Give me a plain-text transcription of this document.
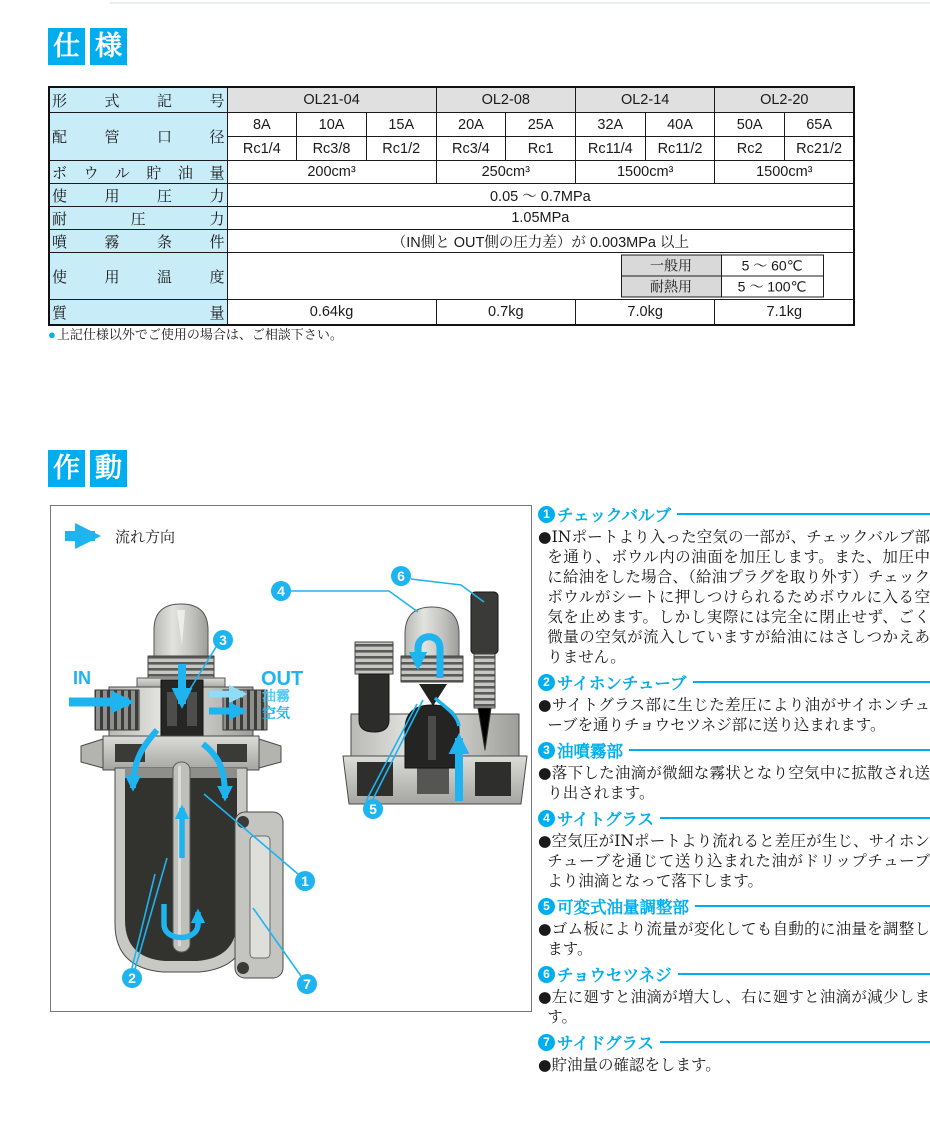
仕 様
形式記号	OL21-04	OL2-08	OL2-14	OL2-20

配管口径
	8A	10A	15A	20A	25A	32A	40A	50A	65A
Rc1/4	Rc3/8	Rc1/2	Rc3/4	Rc1	Rc11/4	Rc11/2	Rc2	Rc21/2

ボウル貯油量	200cm³	250cm³	1500cm³	1500cm³

使用圧力	0.05 ～ 0.7MPa

耐圧力	1.05MPa

噴霧条件	（IN側と OUT側の圧力差）が 0.003MPa 以上

使用温度

一般用	5 ～ 60℃
耐熱用	5 ～ 100℃

質量	0.64kg	0.7kg	7.0kg	7.1kg
●上記仕様以外でご使用の場合は、ご相談下さい。
作 動
流れ方向
1
2
3
4
5
6
7
IN	OUT
油霧
空気
1 チェックバルブ
●INポートより入った空気の一部が、チェックバルブ部を通り、ボウル内の油面を加圧します。また、加圧中に給油をした場合、（給油プラグを取り外す）チェックボウルがシートに押しつけられるためボウルに入る空気を止めます。しかし実際には完全に閉止せず、ごく微量の空気が流入していますが給油にはさしつかえありません。
2 サイホンチューブ
●サイトグラス部に生じた差圧により油がサイホンチューブを通りチョウセツネジ部に送り込まれます。
3 油噴霧部
●落下した油滴が微細な霧状となり空気中に拡散され送り出されます。
4 サイトグラス
●空気圧がINポートより流れると差圧が生じ、サイホンチューブを通じて送り込まれた油がドリップチューブより油滴となって落下します。
5 可変式油量調整部
●ゴム板により流量が変化しても自動的に油量を調整します。
6 チョウセツネジ
●左に廻すと油滴が増大し、右に廻すと油滴が減少します。
7 サイドグラス
●貯油量の確認をします。
